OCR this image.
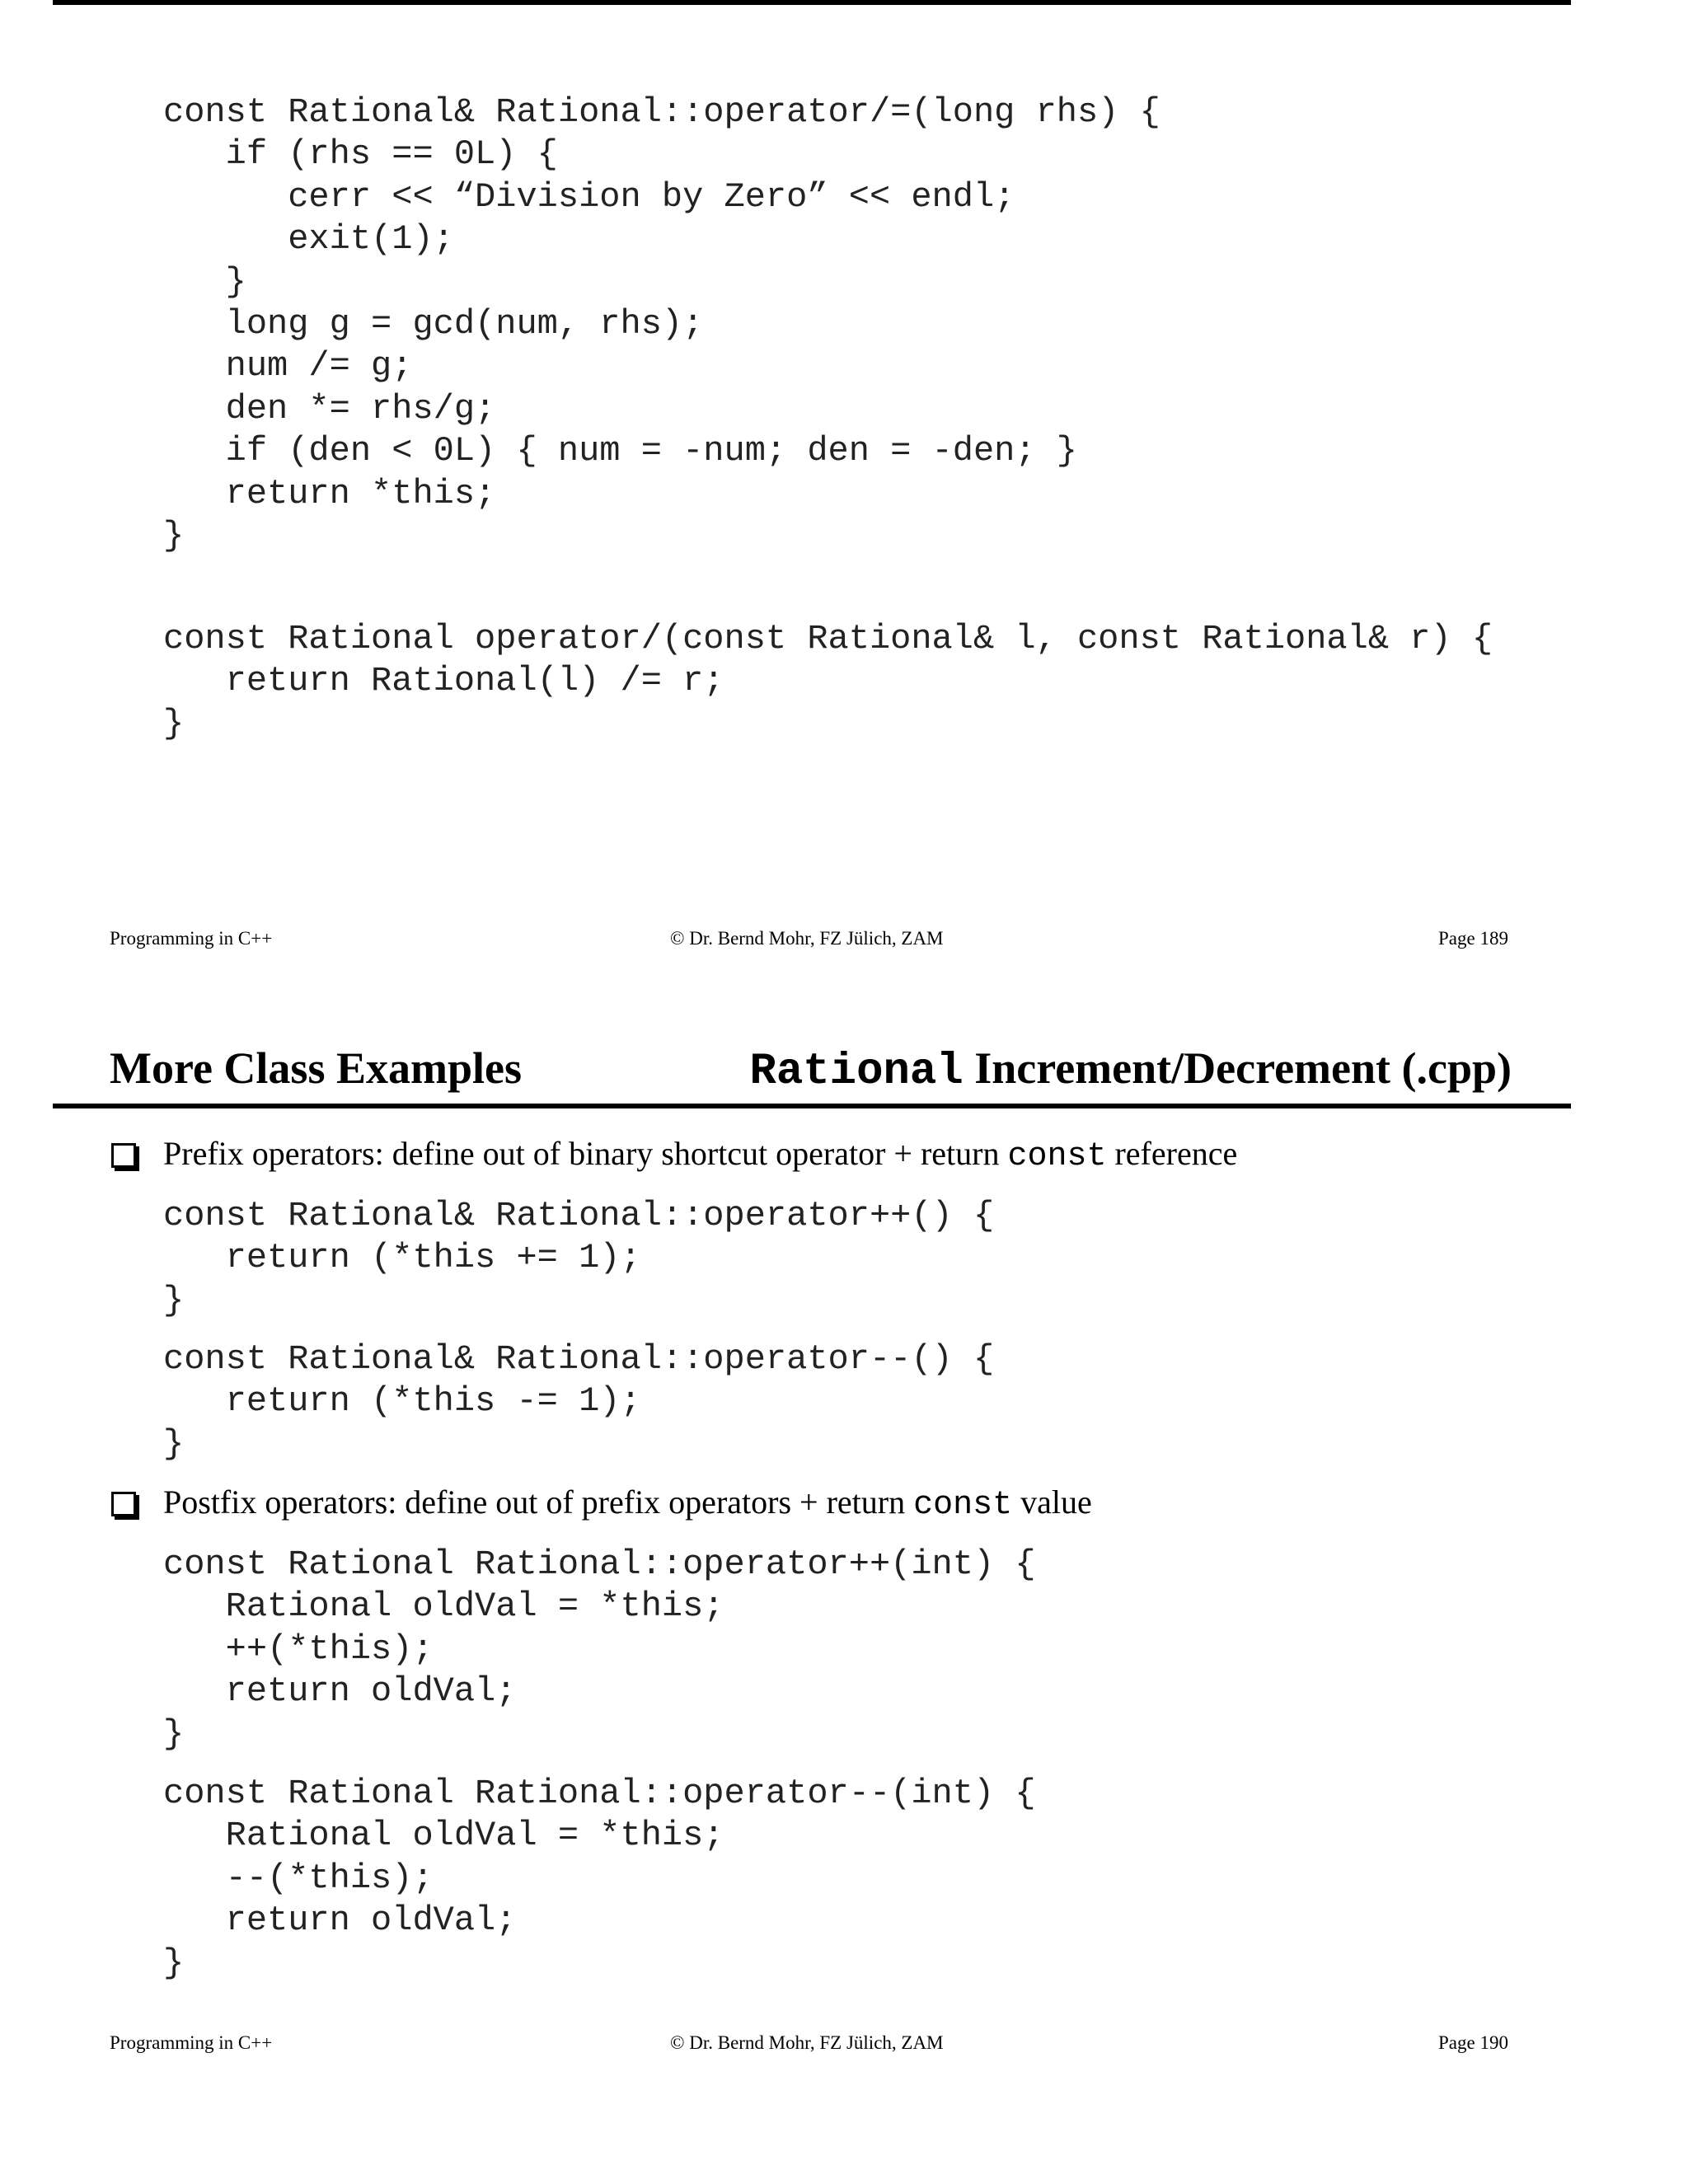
const Rational& Rational::operator/=(long rhs) {
if (rhs == 0L) {
cerr << “Division by Zero” << endl;
exit(1);
}
long g = gcd(num, rhs);
num /= g;
den *= rhs/g;
if (den < 0L) { num = -num; den = -den; }
return *this;
}
const Rational operator/(const Rational& l, const Rational& r) {
return Rational(l) /= r;
}
Programming in C++	© Dr. Bernd Mohr, FZ Jülich, ZAM	Page 189
More Class Examples	Rational Increment/Decrement (.cpp)
Prefix operators: define out of binary shortcut operator + return const reference
const Rational& Rational::operator++() {
return (*this += 1);
}
const Rational& Rational::operator--() {
return (*this -= 1);
}
Postfix operators: define out of prefix operators + return const value
const Rational Rational::operator++(int) {
Rational oldVal = *this;
++(*this);
return oldVal;
}
const Rational Rational::operator--(int) {
Rational oldVal = *this;
--(*this);
return oldVal;
}
Programming in C++	© Dr. Bernd Mohr, FZ Jülich, ZAM	Page 190
